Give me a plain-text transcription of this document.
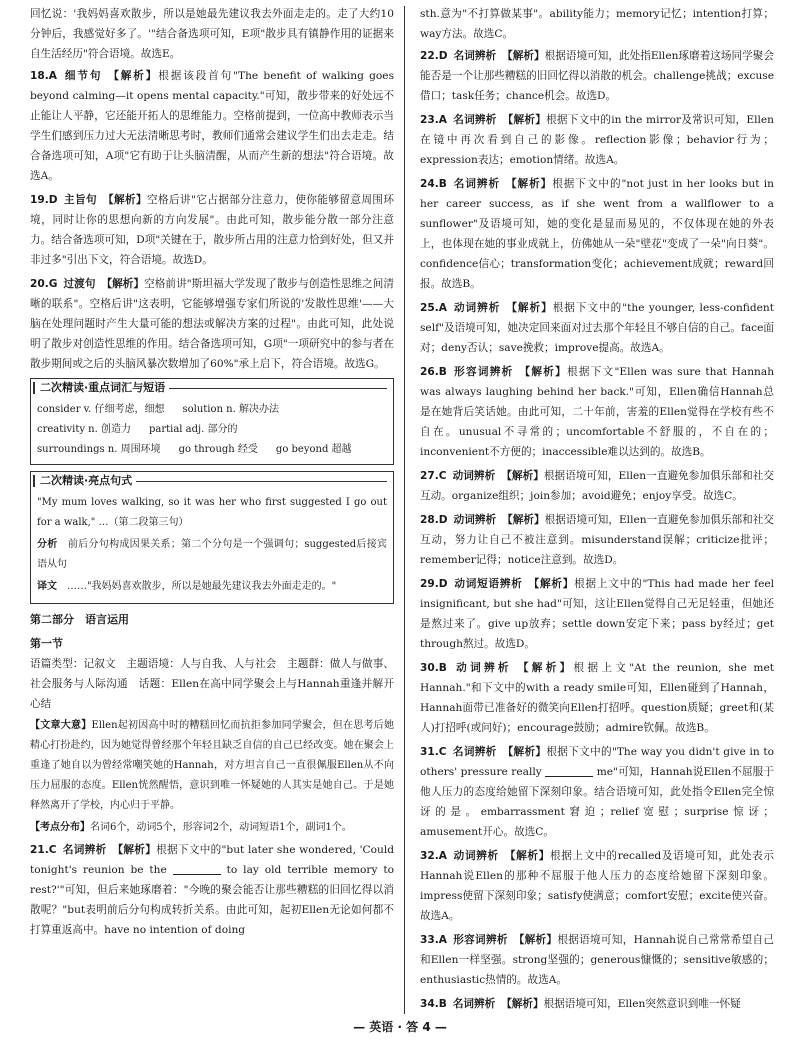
回忆说：'我妈妈喜欢散步，所以是她最先建议我去外面走走的。走了大约10分钟后，我感觉好多了。'"结合备选项可知，E项"散步具有镇静作用的证据来自生活经历"符合语境。故选E。

18.A 细节句 【解析】根据该段首句"The benefit of walking goes beyond calming—it opens mental capacity."可知，散步带来的好处远不止能让人平静，它还能开拓人的思维能力。空格前提到，一位高中教师表示当学生们感到压力过大无法清晰思考时，教师们通常会建议学生们出去走走。结合备选项可知，A项"它有助于让头脑清醒，从而产生新的想法"符合语境。故选A。

19.D 主旨句 【解析】空格后讲"它占据部分注意力，使你能够留意周围环境，同时让你的思想向新的方向发展"。由此可知，散步能分散一部分注意力。结合备选项可知，D项"关键在于，散步所占用的注意力恰到好处，但又并非过多"引出下文，符合语境。故选D。

20.G 过渡句 【解析】空格前讲"斯坦福大学发现了散步与创造性思维之间清晰的联系"。空格后讲"这表明，它能够增强专家们所说的'发散性思维'——大脑在处理问题时产生大量可能的想法或解决方案的过程"。由此可知，此处说明了散步对创造性思维的作用。结合备选项可知，G项"一项研究中的参与者在散步期间或之后的头脑风暴次数增加了60%"承上启下，符合语境。故选G。

二次精读·重点词汇与短语
consider v. 仔细考虑，细想 solution n. 解决办法
creativity n. 创造力 partial adj. 部分的
surroundings n. 周围环境 go through 经受 go beyond 超越
二次精读·亮点句式

"My mum loves walking, so it was her who first suggested I go out for a walk," …（第二段第三句）

分析　 前后分句构成因果关系；第二个分句是一个强调句；suggested后接宾语从句

译文　 ……"我妈妈喜欢散步，所以是她最先建议我去外面走走的。"

第二部分　语言运用
第一节

语篇类型：记叙文　主题语境：人与自我、人与社会　主题群：做人与做事、社会服务与人际沟通　话题：Ellen在高中同学聚会上与Hannah重逢并解开心结

【文章大意】Ellen起初因高中时的糟糕回忆而抗拒参加同学聚会，但在思考后她精心打扮赴约，因为她觉得曾经那个年轻且缺乏自信的自己已经改变。她在聚会上重逢了她自以为曾经常嘲笑她的Hannah，对方坦言自己一直很佩服Ellen从不向压力屈服的态度。Ellen恍然醒悟，意识到唯一怀疑她的人其实是她自己。于是她释然离开了学校，内心归于平静。

【考点分布】名词6个，动词5个，形容词2个，动词短语1个，副词1个。

21.C 名词辨析 【解析】根据下文中的"but later she wondered, 'Could tonight's reunion be the	to lay old terrible memory to rest?'"可知，但后来她琢磨着："今晚的聚会能否让那些糟糕的旧回忆得以消散呢？"but表明前后分句构成转折关系。由此可知，起初Ellen无论如何都不打算重返高中。have no intention of doing

sth.意为"不打算做某事"。ability能力；memory记忆；intention打算；way方法。故选C。

22.D 名词辨析 【解析】根据语境可知，此处指Ellen琢磨着这场同学聚会能否是一个让那些糟糕的旧回忆得以消散的机会。challenge挑战；excuse借口；task任务；chance机会。故选D。

23.A 名词辨析 【解析】根据下文中的in the mirror及常识可知，Ellen在镜中再次看到自己的影像。reflection影像；behavior行为；expression表达；emotion情绪。故选A。

24.B 名词辨析 【解析】根据下文中的"not just in her looks but in her career success, as if she went from a wallflower to a sunflower"及语境可知，她的变化是显而易见的，不仅体现在她的外表上，也体现在她的事业成就上，仿佛她从一朵"壁花"变成了一朵"向日葵"。confidence信心；transformation变化；achievement成就；reward回报。故选B。

25.A 动词辨析 【解析】根据下文中的"the younger, less-confident self"及语境可知，她决定回来面对过去那个年轻且不够自信的自己。face面对；deny否认；save挽救；improve提高。故选A。

26.B 形容词辨析 【解析】根据下文"Ellen was sure that Hannah was always laughing behind her back."可知，Ellen确信Hannah总是在她背后笑话她。由此可知，二十年前，害羞的Ellen觉得在学校有些不自在。unusual不寻常的；uncomfortable不舒服的，不自在的；inconvenient不方便的；inaccessible难以达到的。故选B。

27.C 动词辨析 【解析】根据语境可知，Ellen一直避免参加俱乐部和社交互动。organize组织；join参加；avoid避免；enjoy享受。故选C。

28.D 动词辨析 【解析】根据语境可知，Ellen一直避免参加俱乐部和社交互动，努力让自己不被注意到。misunderstand误解；criticize批评；remember记得；notice注意到。故选D。

29.D 动词短语辨析 【解析】根据上文中的"This had made her feel insignificant, but she had"可知，这让Ellen觉得自己无足轻重，但她还是熬过来了。give up放弃；settle down安定下来；pass by经过；get through熬过。故选D。

30.B 动词辨析 【解析】根据上文"At the reunion, she met Hannah."和下文中的with a ready smile可知，Ellen碰到了Hannah，Hannah面带已准备好的微笑向Ellen打招呼。question质疑；greet和(某人)打招呼(或问好)；encourage鼓励；admire钦佩。故选B。

31.C 名词辨析 【解析】根据下文中的"The way you didn't give in to others' pressure really	me"可知，Hannah说Ellen不屈服于他人压力的态度给她留下深刻印象。结合语境可知，此处指令Ellen完全惊讶的是。embarrassment窘迫；relief宽慰；surprise惊讶；amusement开心。故选C。

32.A 动词辨析 【解析】根据上文中的recalled及语境可知，此处表示Hannah说Ellen的那种不屈服于他人压力的态度给她留下深刻印象。impress使留下深刻印象；satisfy使满意；comfort安慰；excite使兴奋。故选A。

33.A 形容词辨析 【解析】根据语境可知，Hannah说自己常常希望自己和Ellen一样坚强。strong坚强的；generous慷慨的；sensitive敏感的；enthusiastic热情的。故选A。

34.B 名词辨析 【解析】根据语境可知，Ellen突然意识到唯一怀疑

— 英语 · 答 4 —
